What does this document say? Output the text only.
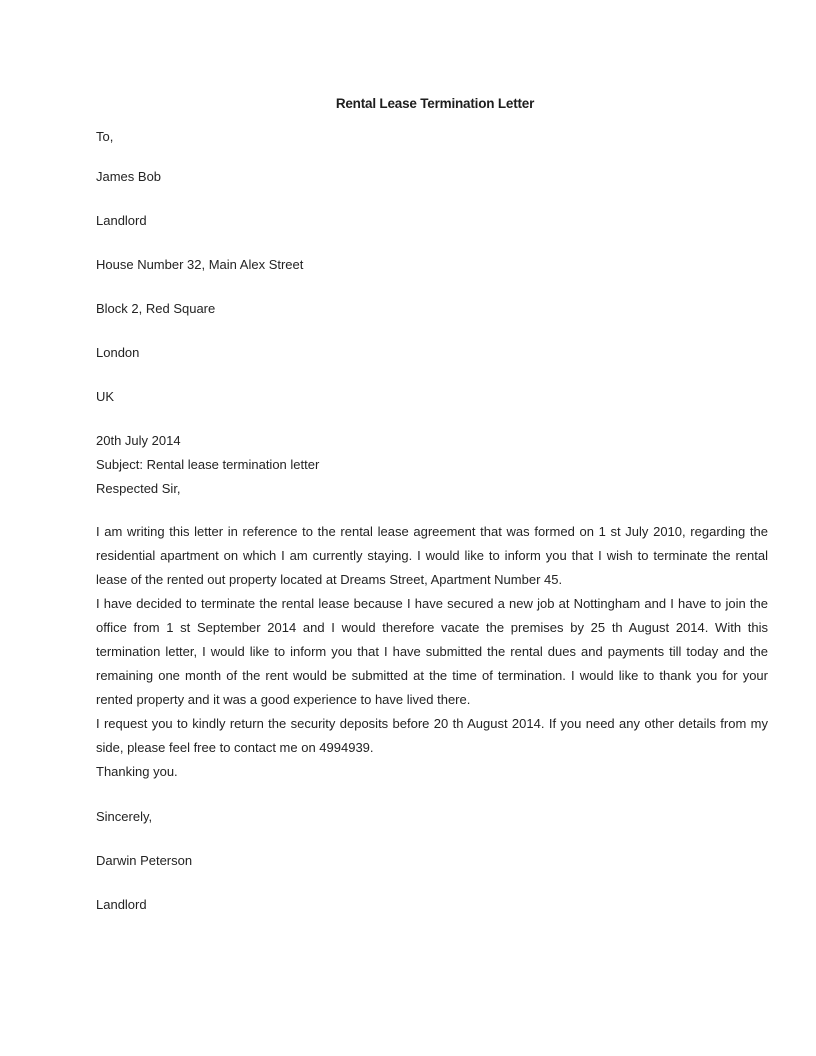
Rental Lease Termination Letter

To,

James Bob

Landlord

House Number 32, Main Alex Street

Block 2, Red Square

London

UK

20th July 2014

Subject: Rental lease termination letter

Respected Sir,

I am writing this letter in reference to the rental lease agreement that was formed on 1 st July 2010, regarding the
residential apartment on which I am currently staying. I would like to inform you that I wish to terminate the rental
lease of the rented out property located at Dreams Street, Apartment Number 45.
I have decided to terminate the rental lease because I have secured a new job at Nottingham and I have to join the
office from 1 st September 2014 and I would therefore vacate the premises by 25 th August 2014. With this
termination letter, I would like to inform you that I have submitted the rental dues and payments till today and the
remaining one month of the rent would be submitted at the time of termination. I would like to thank you for your
rented property and it was a good experience to have lived there.
I request you to kindly return the security deposits before 20 th August 2014. If you need any other details from my
side, please feel free to contact me on 4994939.
Thanking you.

Sincerely,

Darwin Peterson

Landlord
